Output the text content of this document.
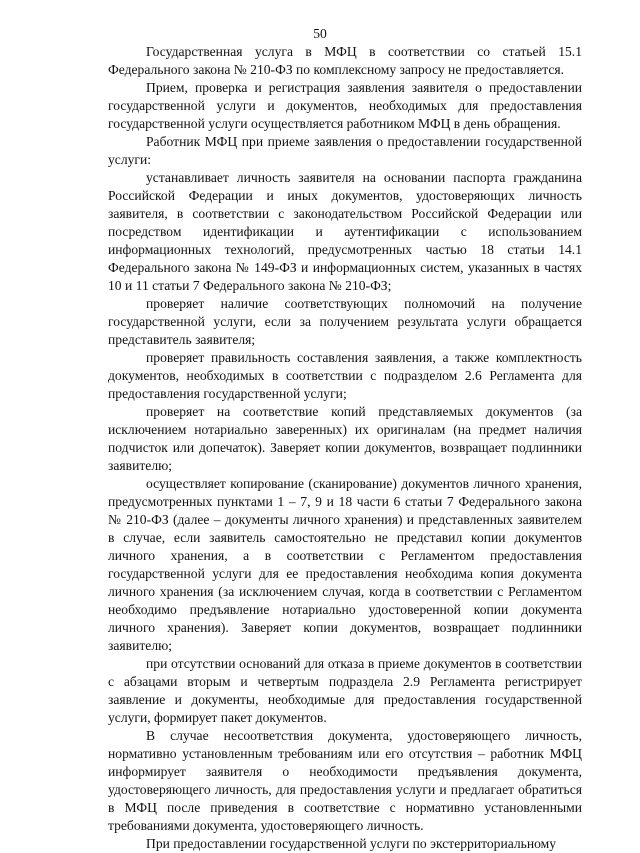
50

Государственная услуга в МФЦ в соответствии со статьей 15.1 Федерального закона № 210-ФЗ по комплексному запросу не предоставляется.

Прием, проверка и регистрация заявления заявителя о предоставлении государственной услуги и документов, необходимых для предоставления государственной услуги осуществляется работником МФЦ в день обращения.

Работник МФЦ при приеме заявления о предоставлении государственной услуги:

устанавливает личность заявителя на основании паспорта гражданина Российской Федерации и иных документов, удостоверяющих личность заявителя, в соответствии с законодательством Российской Федерации или посредством идентификации и аутентификации с использованием информационных технологий, предусмотренных частью 18 статьи 14.1 Федерального закона № 149-ФЗ и информационных систем, указанных в частях 10 и 11 статьи 7 Федерального закона № 210-ФЗ;

проверяет наличие соответствующих полномочий на получение государственной услуги, если за получением результата услуги обращается представитель заявителя;

проверяет правильность составления заявления, а также комплектность документов, необходимых в соответствии с подразделом 2.6 Регламента для предоставления государственной услуги;

проверяет на соответствие копий представляемых документов (за исключением нотариально заверенных) их оригиналам (на предмет наличия подчисток или допечаток). Заверяет копии документов, возвращает подлинники заявителю;

осуществляет копирование (сканирование) документов личного хранения, предусмотренных пунктами 1 – 7, 9 и 18 части 6 статьи 7 Федерального закона № 210-ФЗ (далее – документы личного хранения) и представленных заявителем в случае, если заявитель самостоятельно не представил копии документов личного хранения, а в соответствии с Регламентом предоставления государственной услуги для ее предоставления необходима копия документа личного хранения (за исключением случая, когда в соответствии с Регламентом необходимо предъявление нотариально удостоверенной копии документа личного хранения). Заверяет копии документов, возвращает подлинники заявителю;

при отсутствии оснований для отказа в приеме документов в соответствии с абзацами вторым и четвертым подраздела 2.9 Регламента регистрирует заявление и документы, необходимые для предоставления государственной услуги, формирует пакет документов.

В случае несоответствия документа, удостоверяющего личность, нормативно установленным требованиям или его отсутствия – работник МФЦ информирует заявителя о необходимости предъявления документа, удостоверяющего личность, для предоставления услуги и предлагает обратиться в МФЦ после приведения в соответствие с нормативно установленными требованиями документа, удостоверяющего личность.

При предоставлении государственной услуги по экстерриториальному
